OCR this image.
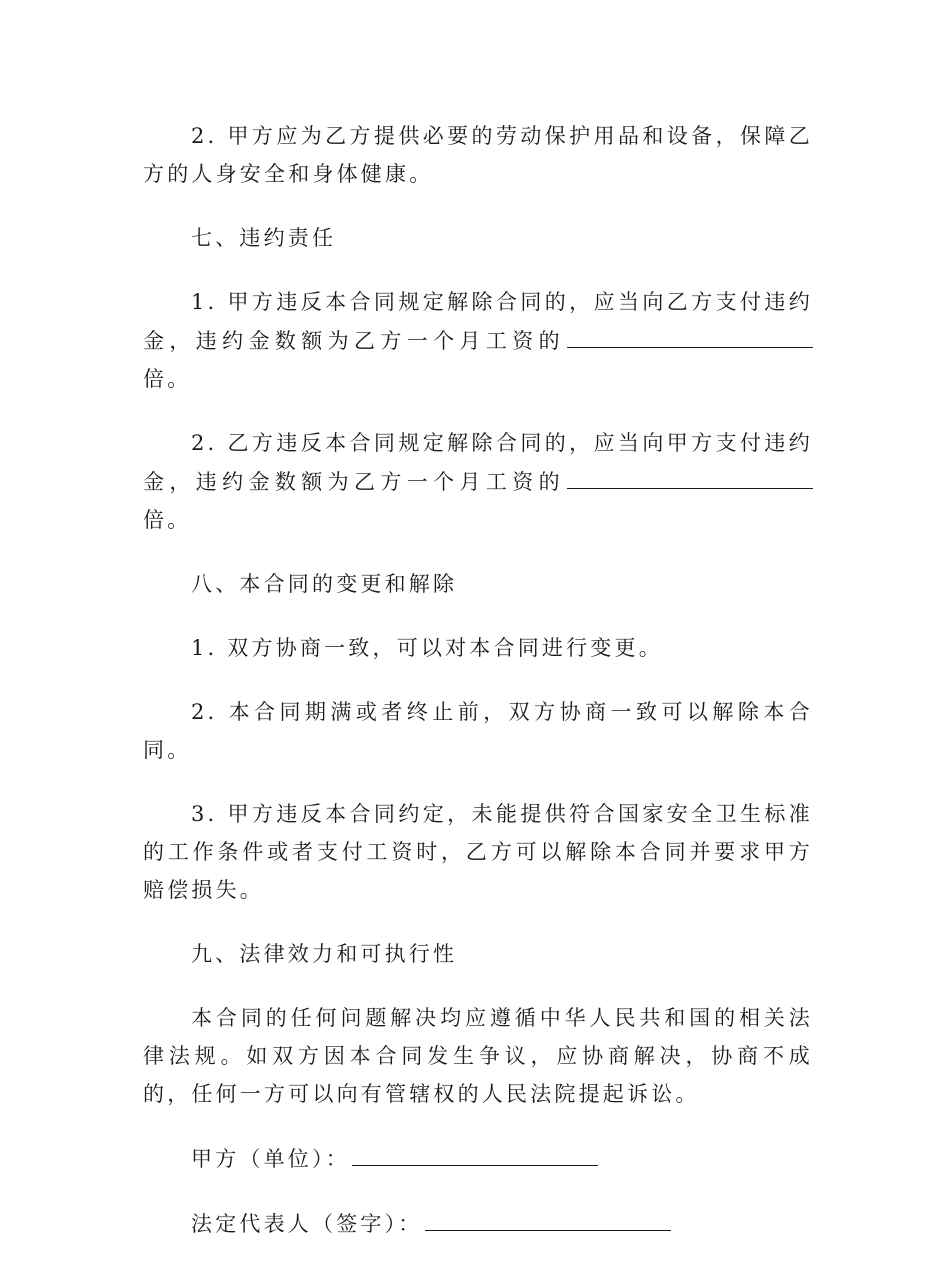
2. 甲方应为乙方提供必要的劳动保护用品和设备，保障乙方的人身安全和身体健康。

七、违约责任

1. 甲方违反本合同规定解除合同的，应当向乙方支付违约金，违约金数额为乙方一个月工资的倍。

2. 乙方违反本合同规定解除合同的，应当向甲方支付违约金，违约金数额为乙方一个月工资的倍。

八、本合同的变更和解除

1. 双方协商一致，可以对本合同进行变更。

2. 本合同期满或者终止前，双方协商一致可以解除本合同。

3. 甲方违反本合同约定，未能提供符合国家安全卫生标准的工作条件或者支付工资时，乙方可以解除本合同并要求甲方赔偿损失。

九、法律效力和可执行性

本合同的任何问题解决均应遵循中华人民共和国的相关法律法规。如双方因本合同发生争议，应协商解决，协商不成的，任何一方可以向有管辖权的人民法院提起诉讼。

甲方（单位）：

法定代表人（签字）：
